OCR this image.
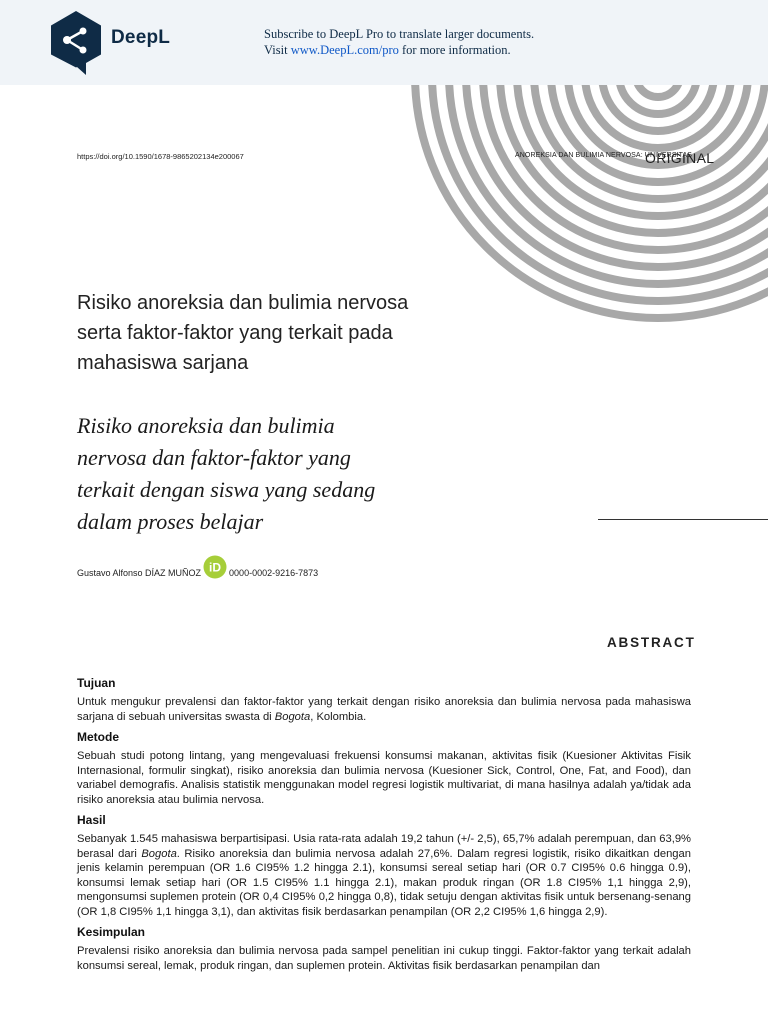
DeepL	Subscribe to DeepL Pro to translate larger documents.
Visit www.DeepL.com/pro for more information.
https://doi.org/10.1590/1678-9865202134e200067	ANOREKSIA DAN BULIMIA NERVOSA: UNIVERSITAS
ORIGINAL
Risiko anoreksia dan bulimia nervosa serta faktor-faktor yang terkait pada mahasiswa sarjana
Risiko anoreksia dan bulimia nervosa dan faktor-faktor yang terkait dengan siswa yang sedang dalam proses belajar
Gustavo Alfonso DÍAZ MUÑOZ iD 0000-0002-9216-7873
ABSTRACT
Tujuan

Untuk mengukur prevalensi dan faktor-faktor yang terkait dengan risiko anoreksia dan bulimia nervosa pada mahasiswa sarjana di sebuah universitas swasta di Bogota, Kolombia.

Metode

Sebuah studi potong lintang, yang mengevaluasi frekuensi konsumsi makanan, aktivitas fisik (Kuesioner Aktivitas Fisik Internasional, formulir singkat), risiko anoreksia dan bulimia nervosa (Kuesioner Sick, Control, One, Fat, and Food), dan variabel demografis. Analisis statistik menggunakan model regresi logistik multivariat, di mana hasilnya adalah ya/tidak ada risiko anoreksia atau bulimia nervosa.

Hasil

Sebanyak 1.545 mahasiswa berpartisipasi. Usia rata-rata adalah 19,2 tahun (+/- 2,5), 65,7% adalah perempuan, dan 63,9% berasal dari Bogota. Risiko anoreksia dan bulimia nervosa adalah 27,6%. Dalam regresi logistik, risiko dikaitkan dengan jenis kelamin perempuan (OR 1.6 CI95% 1.2 hingga 2.1), konsumsi sereal setiap hari (OR 0.7 CI95% 0.6 hingga 0.9), konsumsi lemak setiap hari (OR 1.5 CI95% 1.1 hingga 2.1), makan produk ringan (OR 1.8 CI95% 1,1 hingga 2,9), mengonsumsi suplemen protein (OR 0,4 CI95% 0,2 hingga 0,8), tidak setuju dengan aktivitas fisik untuk bersenang-senang (OR 1,8 CI95% 1,1 hingga 3,1), dan aktivitas fisik berdasarkan penampilan (OR 2,2 CI95% 1,6 hingga 2,9).

Kesimpulan

Prevalensi risiko anoreksia dan bulimia nervosa pada sampel penelitian ini cukup tinggi. Faktor-faktor yang terkait adalah konsumsi sereal, lemak, produk ringan, dan suplemen protein. Aktivitas fisik berdasarkan penampilan dan
